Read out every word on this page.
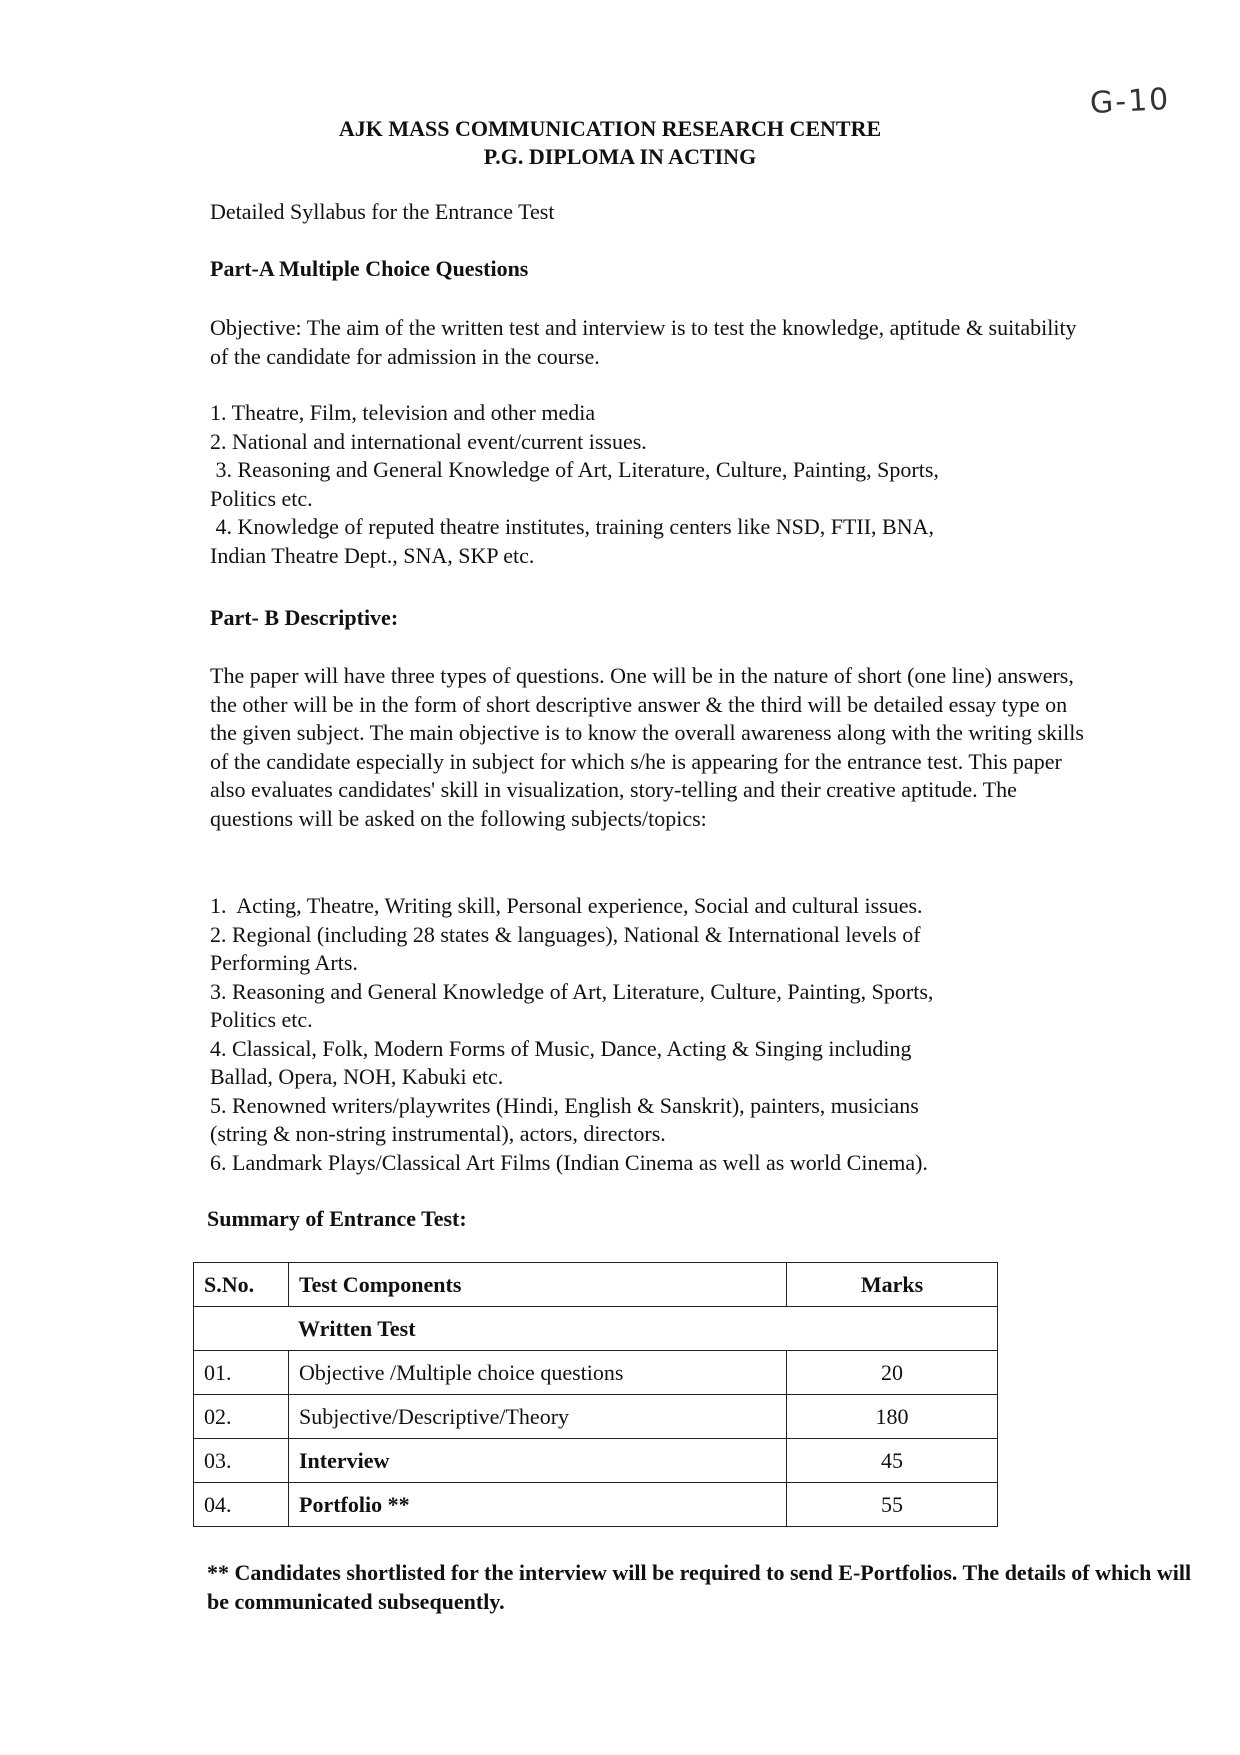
G-10
AJK MASS COMMUNICATION RESEARCH CENTRE
P.G. DIPLOMA IN ACTING
Detailed Syllabus for the Entrance Test
Part-A Multiple Choice Questions
Objective: The aim of the written test and interview is to test the knowledge, aptitude & suitability of the candidate for admission in the course.
1. Theatre, Film, television and other media
2. National and international event/current issues.
3. Reasoning and General Knowledge of Art, Literature, Culture, Painting, Sports,
Politics etc.
4. Knowledge of reputed theatre institutes, training centers like NSD, FTII, BNA,
Indian Theatre Dept., SNA, SKP etc.
Part- B Descriptive:
The paper will have three types of questions. One will be in the nature of short (one line) answers, the other will be in the form of short descriptive answer & the third will be detailed essay type on the given subject. The main objective is to know the overall awareness along with the writing skills of the candidate especially in subject for which s/he is appearing for the entrance test. This paper also evaluates candidates' skill in visualization, story-telling and their creative aptitude. The questions will be asked on the following subjects/topics:
1.  Acting, Theatre, Writing skill, Personal experience, Social and cultural issues.
2. Regional (including 28 states & languages), National & International levels of
Performing Arts.
3. Reasoning and General Knowledge of Art, Literature, Culture, Painting, Sports,
Politics etc.
4. Classical, Folk, Modern Forms of Music, Dance, Acting & Singing including
Ballad, Opera, NOH, Kabuki etc.
5. Renowned writers/playwrites (Hindi, English & Sanskrit), painters, musicians
(string & non-string instrumental), actors, directors.
6. Landmark Plays/Classical Art Films (Indian Cinema as well as world Cinema).
Summary of Entrance Test:
S.No.	Test Components	Marks
Written Test		
01.	Objective /Multiple choice questions	20
02.	Subjective/Descriptive/Theory	180
03.	Interview	45
04.	Portfolio **	55
** Candidates shortlisted for the interview will be required to send E-Portfolios. The details of which will be communicated subsequently.
